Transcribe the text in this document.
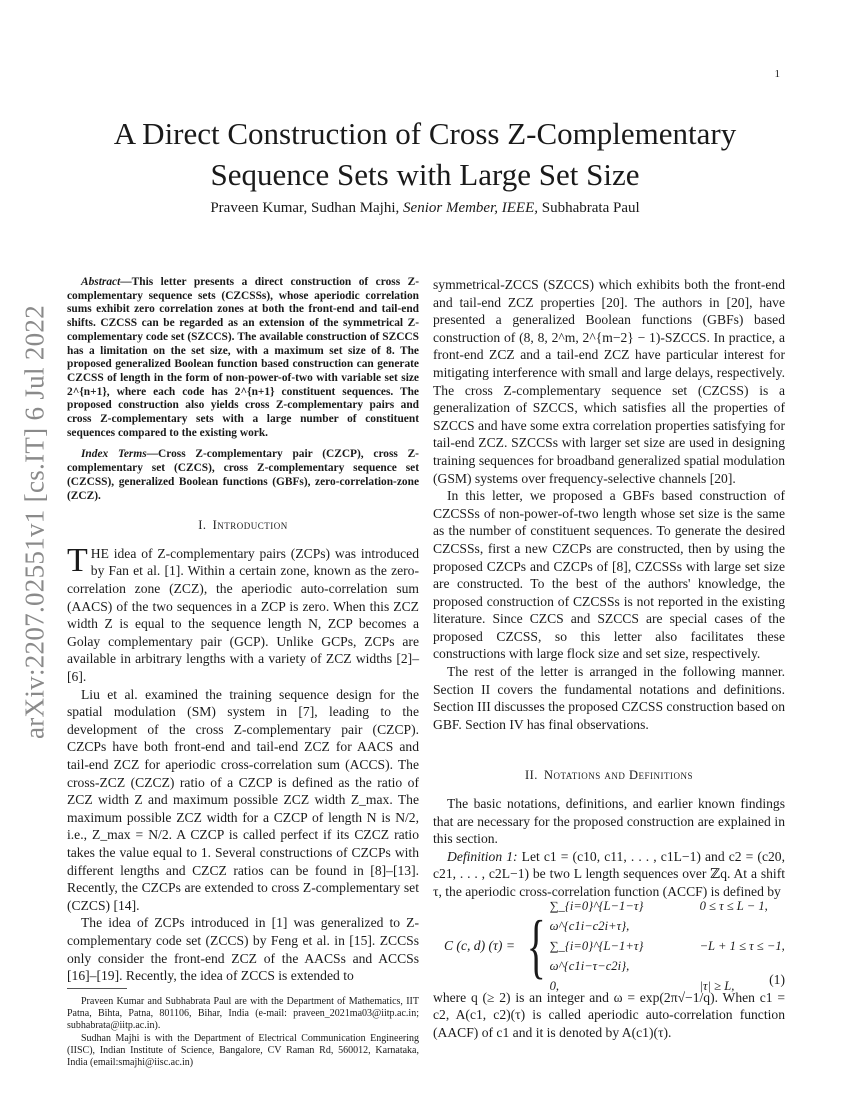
1
arXiv:2207.02551v1 [cs.IT] 6 Jul 2022
A Direct Construction of Cross Z-Complementary Sequence Sets with Large Set Size
Praveen Kumar, Sudhan Majhi, Senior Member, IEEE, Subhabrata Paul

Abstract—This letter presents a direct construction of cross Z-complementary sequence sets (CZCSSs), whose aperiodic correlation sums exhibit zero correlation zones at both the front-end and tail-end shifts. CZCSS can be regarded as an extension of the symmetrical Z-complementary code set (SZCCS). The available construction of SZCCS has a limitation on the set size, with a maximum set size of 8. The proposed generalized Boolean function based construction can generate CZCSS of length in the form of non-power-of-two with variable set size 2^{n+1}, where each code has 2^{n+1} constituent sequences. The proposed construction also yields cross Z-complementary pairs and cross Z-complementary sets with a large number of constituent sequences compared to the existing work.

Index Terms—Cross Z-complementary pair (CZCP), cross Z-complementary set (CZCS), cross Z-complementary sequence set (CZCSS), generalized Boolean functions (GBFs), zero-correlation-zone (ZCZ).

I. Introduction

THE idea of Z-complementary pairs (ZCPs) was introduced by Fan et al. [1]. Within a certain zone, known as the zero-correlation zone (ZCZ), the aperiodic auto-correlation sum (AACS) of the two sequences in a ZCP is zero. When this ZCZ width Z is equal to the sequence length N, ZCP becomes a Golay complementary pair (GCP). Unlike GCPs, ZCPs are available in arbitrary lengths with a variety of ZCZ widths [2]–[6].

Liu et al. examined the training sequence design for the spatial modulation (SM) system in [7], leading to the development of the cross Z-complementary pair (CZCP). CZCPs have both front-end and tail-end ZCZ for AACS and tail-end ZCZ for aperiodic cross-correlation sum (ACCS). The cross-ZCZ (CZCZ) ratio of a CZCP is defined as the ratio of ZCZ width Z and maximum possible ZCZ width Z_max. The maximum possible ZCZ width for a CZCP of length N is N/2, i.e., Z_max = N/2. A CZCP is called perfect if its CZCZ ratio takes the value equal to 1. Several constructions of CZCPs with different lengths and CZCZ ratios can be found in [8]–[13]. Recently, the CZCPs are extended to cross Z-complementary set (CZCS) [14].

The idea of ZCPs introduced in [1] was generalized to Z-complementary code set (ZCCS) by Feng et al. in [15]. ZCCSs only consider the front-end ZCZ of the AACSs and ACCSs [16]–[19]. Recently, the idea of ZCCS is extended to

Praveen Kumar and Subhabrata Paul are with the Department of Mathematics, IIT Patna, Bihta, Patna, 801106, Bihar, India (e-mail: praveen_2021ma03@iitp.ac.in; subhabrata@iitp.ac.in).

Sudhan Majhi is with the Department of Electrical Communication Engineering (IISC), Indian Institute of Science, Bangalore, CV Raman Rd, 560012, Karnataka, India (email:smajhi@iisc.ac.in)

symmetrical-ZCCS (SZCCS) which exhibits both the front-end and tail-end ZCZ properties [20]. The authors in [20], have presented a generalized Boolean functions (GBFs) based construction of (8, 8, 2^m, 2^{m−2} − 1)-SZCCS. In practice, a front-end ZCZ and a tail-end ZCZ have particular interest for mitigating interference with small and large delays, respectively. The cross Z-complementary sequence set (CZCSS) is a generalization of SZCCS, which satisfies all the properties of SZCCS and have some extra correlation properties satisfying for tail-end ZCZ. SZCCSs with larger set size are used in designing training sequences for broadband generalized spatial modulation (GSM) systems over frequency-selective channels [20].

In this letter, we proposed a GBFs based construction of CZCSSs of non-power-of-two length whose set size is the same as the number of constituent sequences. To generate the desired CZCSSs, first a new CZCPs are constructed, then by using the proposed CZCPs and CZCPs of [8], CZCSSs with large set size are constructed. To the best of the authors' knowledge, the proposed construction of CZCSSs is not reported in the existing literature. Since CZCS and SZCCS are special cases of the proposed CZCSS, so this letter also facilitates these constructions with large flock size and set size, respectively.

The rest of the letter is arranged in the following manner. Section II covers the fundamental notations and definitions. Section III discusses the proposed CZCSS construction based on GBF. Section IV has final observations.

II. Notations and Definitions

The basic notations, definitions, and earlier known findings that are necessary for the proposed construction are explained in this section.

Definition 1: Let c1 = (c10, c11, . . . , c1L−1) and c2 = (c20, c21, . . . , c2L−1) be two L length sequences over ℤq. At a shift τ, the aperiodic cross-correlation function (ACCF) is defined by

C (c, d) (τ) = { ∑_{i=0}^{L−1−τ} ω^{c1i−c2i+τ},
0 ≤ τ ≤ L − 1,
∑_{i=0}^{L−1+τ} ω^{c1i−τ−c2i},
−L + 1 ≤ τ ≤ −1,
0,	|τ| ≥ L,	(1)

where q (≥ 2) is an integer and ω = exp(2π√−1/q). When c1 = c2, A(c1, c2)(τ) is called aperiodic auto-correlation function (AACF) of c1 and it is denoted by A(c1)(τ).
